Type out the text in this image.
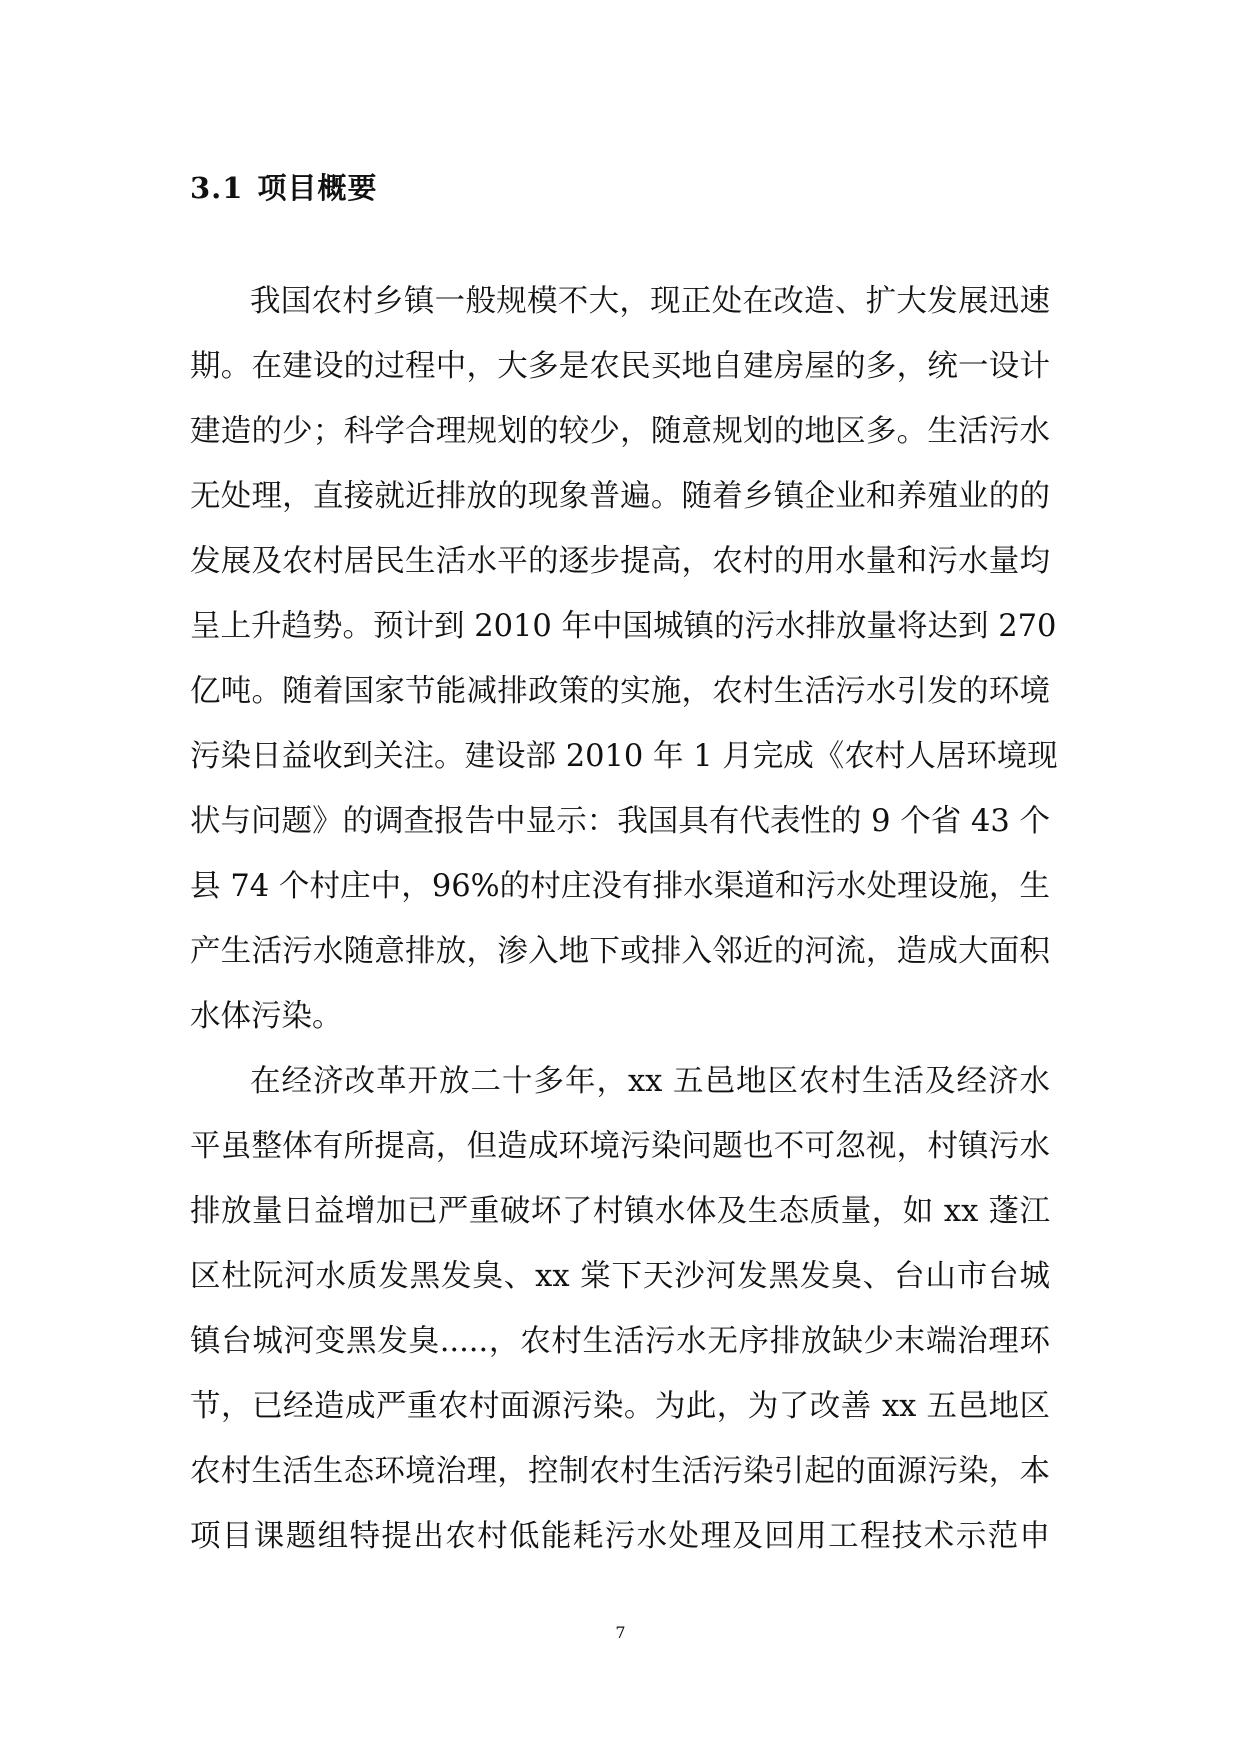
3.1 项目概要
我国农村乡镇一般规模不大，现正处在改造、扩大发展迅速
期。在建设的过程中，大多是农民买地自建房屋的多，统一设计
建造的少；科学合理规划的较少，随意规划的地区多。生活污水
无处理，直接就近排放的现象普遍。随着乡镇企业和养殖业的的
发展及农村居民生活水平的逐步提高，农村的用水量和污水量均
呈上升趋势。预计到 2010 年中国城镇的污水排放量将达到 270
亿吨。随着国家节能减排政策的实施，农村生活污水引发的环境
污染日益收到关注。建设部 2010 年 1 月完成《农村人居环境现
状与问题》的调查报告中显示：我国具有代表性的 9 个省 43 个
县 74 个村庄中，96%的村庄没有排水渠道和污水处理设施，生
产生活污水随意排放，渗入地下或排入邻近的河流，造成大面积
水体污染。
在经济改革开放二十多年，xx 五邑地区农村生活及经济水
平虽整体有所提高，但造成环境污染问题也不可忽视，村镇污水
排放量日益增加已严重破坏了村镇水体及生态质量，如 xx 蓬江
区杜阮河水质发黑发臭、xx 棠下天沙河发黑发臭、台山市台城
镇台城河变黑发臭.....，农村生活污水无序排放缺少末端治理环
节，已经造成严重农村面源污染。为此，为了改善 xx 五邑地区
农村生活生态环境治理，控制农村生活污染引起的面源污染，本
项目课题组特提出农村低能耗污水处理及回用工程技术示范申
7
